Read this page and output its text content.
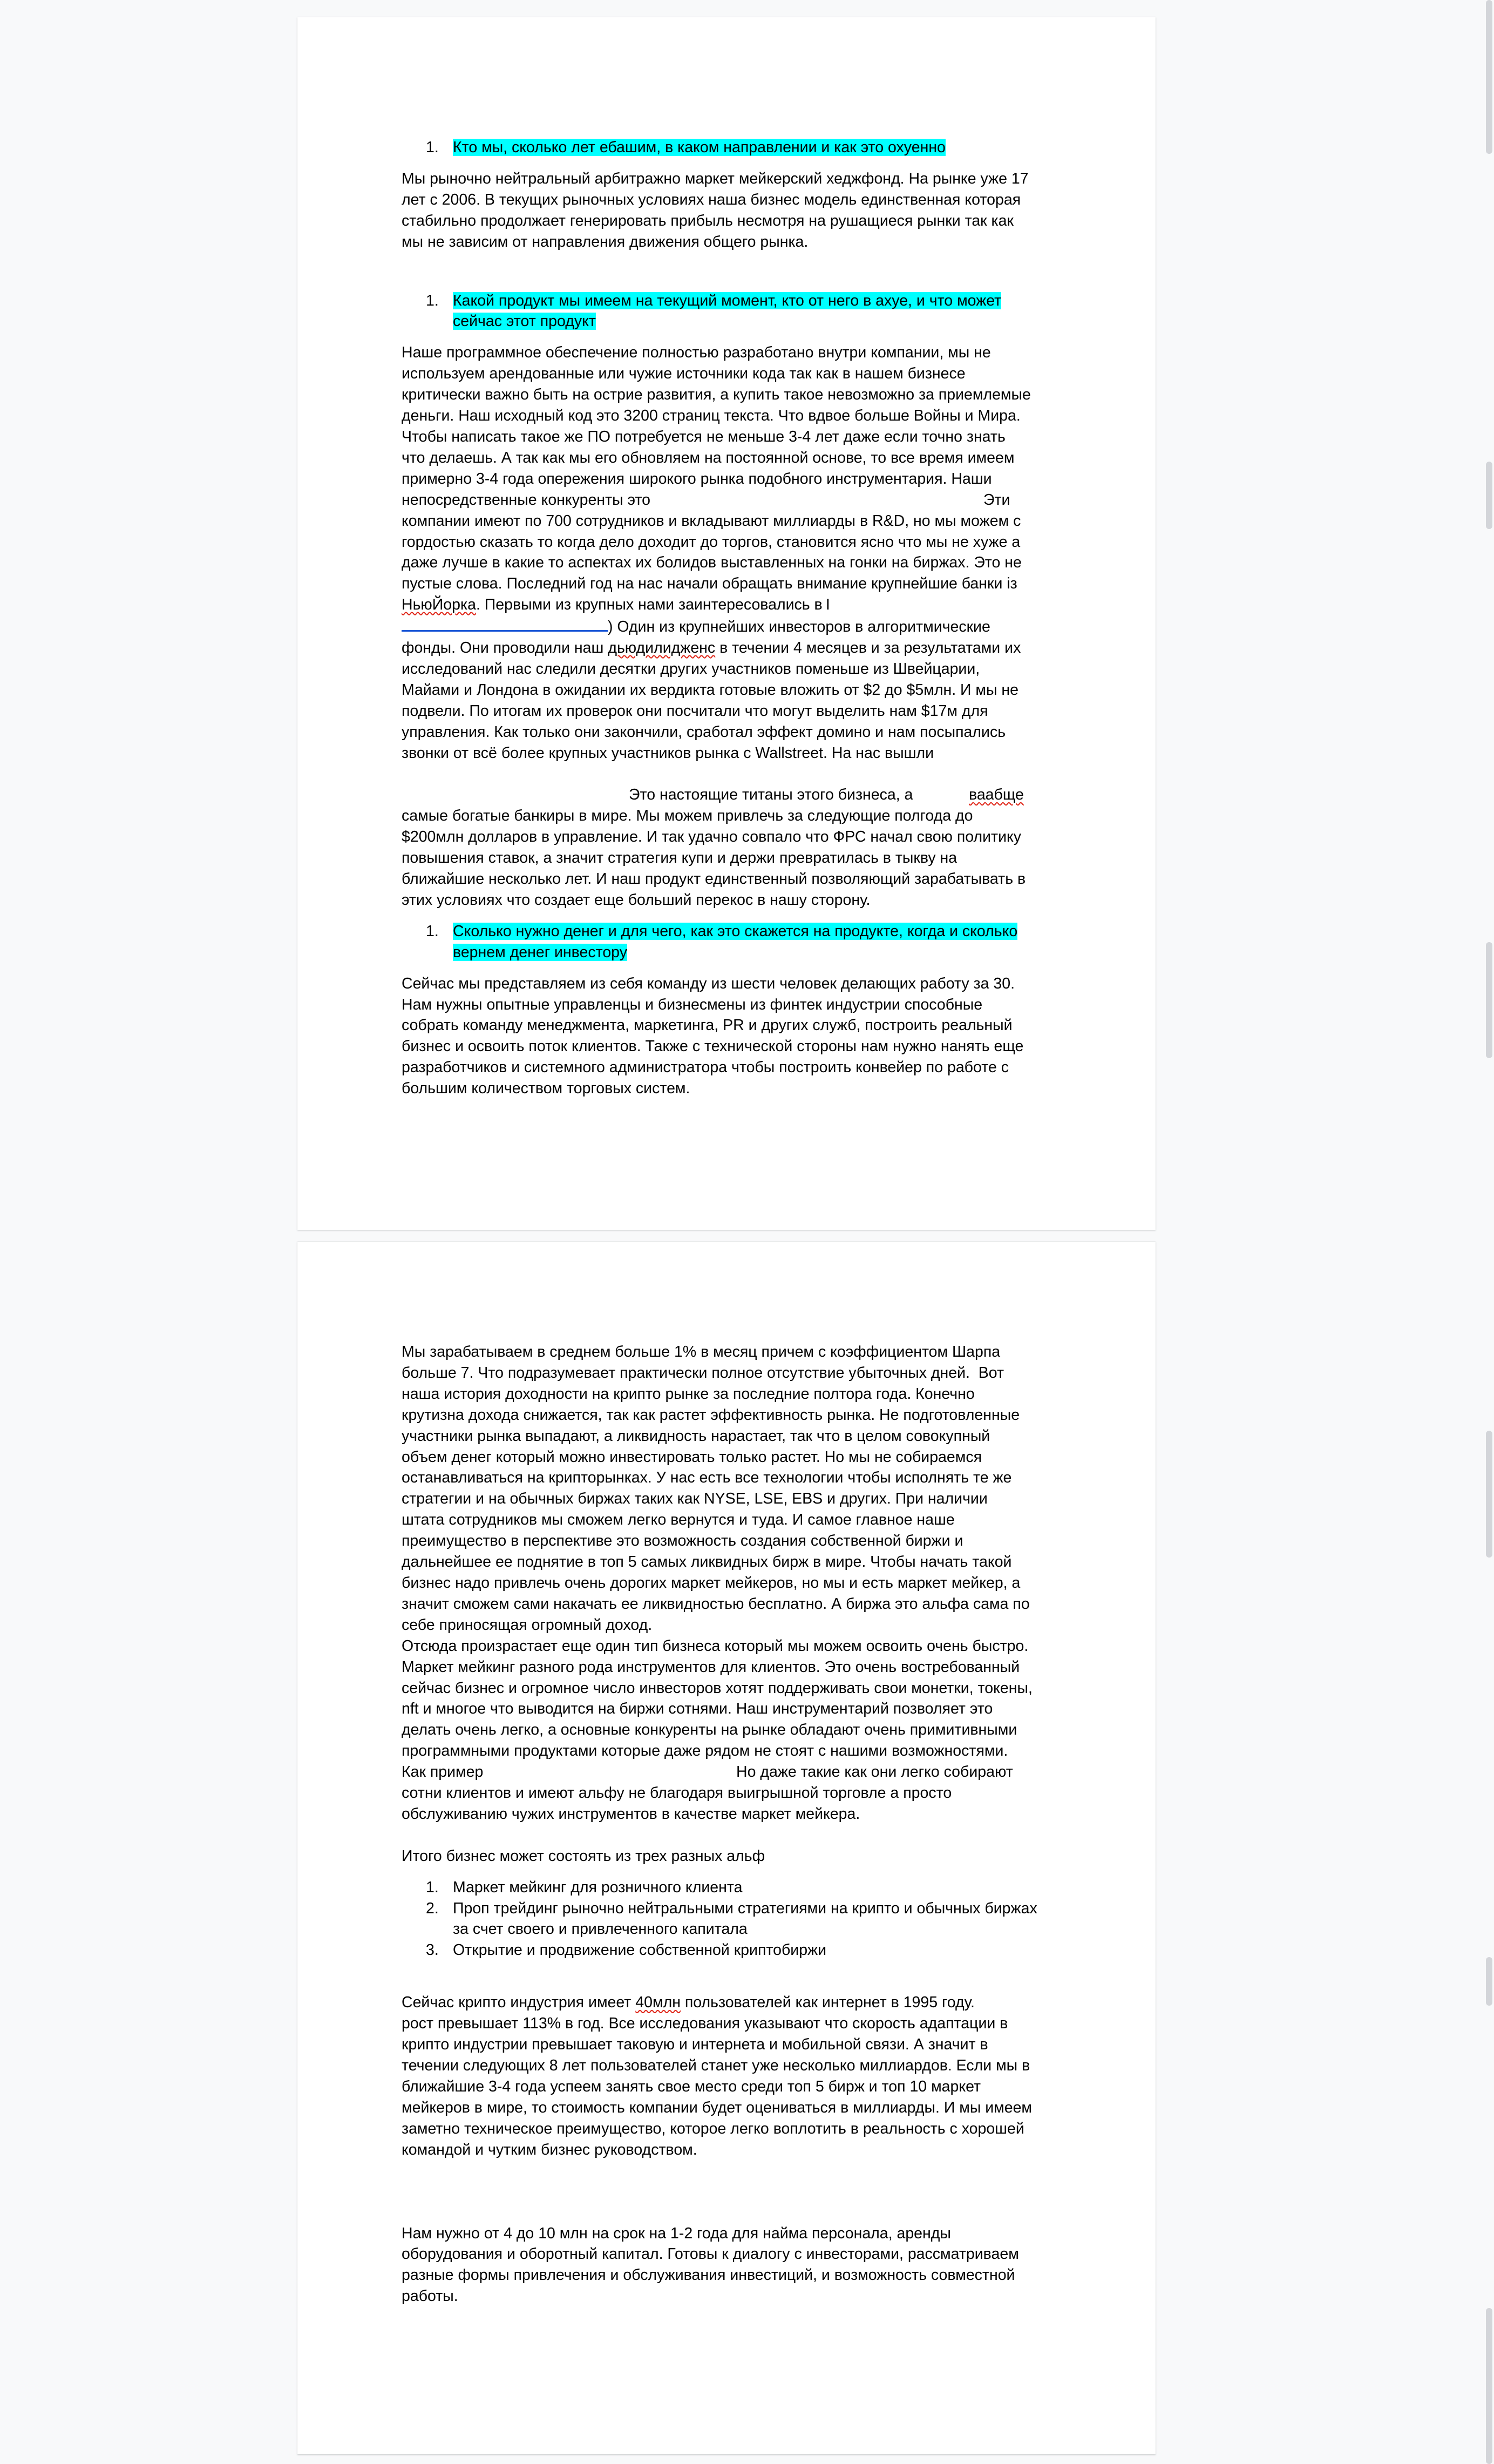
1. Кто мы, сколько лет ебашим, в каком направлении и как это охуенно
Мы рыночно нейтральный арбитражно маркет мейкерский хеджфонд. На рынке уже 17
лет с 2006. В текущих рыночных условиях наша бизнес модель единственная которая
стабильно продолжает генерировать прибыль несмотря на рушащиеся рынки так как
мы не зависим от направления движения общего рынка.
1. Какой продукт мы имеем на текущий момент, кто от него в ахуе, и что может сейчас этот продукт
Наше программное обеспечение полностью разработано внутри компании, мы не
используем арендованные или чужие источники кода так как в нашем бизнесе
критически важно быть на острие развития, а купить такое невозможно за приемлемые
деньги. Наш исходный код это 3200 страниц текста. Что вдвое больше Войны и Мира.
Чтобы написать такое же ПО потребуется не меньше 3-4 лет даже если точно знать
что делаешь. А так как мы его обновляем на постоянной основе, то все время имеем
примерно 3-4 года опережения широкого рынка подобного инструментария. Наши
непосредственные конкуренты это	Эти
компании имеют по 700 сотрудников и вкладывают миллиарды в R&D, но мы можем с
гордостью сказать то когда дело доходит до торгов, становится ясно что мы не хуже а
даже лучше в какие то аспектах их болидов выставленных на гонки на биржах. Это не
пустые слова. Последний год на нас начали обращать внимание крупнейшие банки iз
НьюЙорка. Первыми из крупных нами заинтересовались в I
) Один из крупнейших инвесторов в алгоритмические
фонды. Они проводили наш дьюдилидженс в течении 4 месяцев и за результатами их
исследований нас следили десятки других участников поменьше из Швейцарии,
Майами и Лондона в ожидании их вердикта готовые вложить от $2 до $5млн. И мы не
подвели. По итогам их проверок они посчитали что могут выделить нам $17м для
управления. Как только они закончили, сработал эффект домино и нам посыпались
звонки от всё более крупных участников рынка с Wallstreet. На нас вышли

Это настоящие титаны этого бизнеса, а	ваабще

самые богатые банкиры в мире. Мы можем привлечь за следующие полгода до
$200млн долларов в управление. И так удачно совпало что ФРС начал свою политику
повышения ставок, а значит стратегия купи и держи превратилась в тыкву на
ближайшие несколько лет. И наш продукт единственный позволяющий зарабатывать в
этих условиях что создает еще больший перекос в нашу сторону.
1. Сколько нужно денег и для чего, как это скажется на продукте, когда и сколько вернем денег инвестору
Сейчас мы представляем из себя команду из шести человек делающих работу за 30.
Нам нужны опытные управленцы и бизнесмены из финтек индустрии способные
собрать команду менеджмента, маркетинга, PR и других служб, построить реальный
бизнес и освоить поток клиентов. Также с технической стороны нам нужно нанять еще
разработчиков и системного администратора чтобы построить конвейер по работе с
большим количеством торговых систем.
Мы зарабатываем в среднем больше 1% в месяц причем с коэффициентом Шарпа
больше 7. Что подразумевает практически полное отсутствие убыточных дней.  Вот
наша история доходности на крипто рынке за последние полтора года. Конечно
крутизна дохода снижается, так как растет эффективность рынка. Не подготовленные
участники рынка выпадают, а ликвидность нарастает, так что в целом совокупный
объем денег который можно инвестировать только растет. Но мы не собираемся
останавливаться на крипторынках. У нас есть все технологии чтобы исполнять те же
стратегии и на обычных биржах таких как NYSE, LSE, EBS и других. При наличии
штата сотрудников мы сможем легко вернутся и туда. И самое главное наше
преимущество в перспективе это возможность создания собственной биржи и
дальнейшее ее поднятие в топ 5 самых ликвидных бирж в мире. Чтобы начать такой
бизнес надо привлечь очень дорогих маркет мейкеров, но мы и есть маркет мейкер, а
значит сможем сами накачать ее ликвидностью бесплатно. А биржа это альфа сама по
себе приносящая огромный доход.
Отсюда произрастает еще один тип бизнеса который мы можем освоить очень быстро.
Маркет мейкинг разного рода инструментов для клиентов. Это очень востребованный
сейчас бизнес и огромное число инвесторов хотят поддерживать свои монетки, токены,
nft и многое что выводится на биржи сотнями. Наш инструментарий позволяет это
делать очень легко, а основные конкуренты на рынке обладают очень примитивными
программными продуктами которые даже рядом не стоят с нашими возможностями.
Как пример	Но даже такие как они легко собирают
сотни клиентов и имеют альфу не благодаря выигрышной торговле а просто
обслуживанию чужих инструментов в качестве маркет мейкера.
Итого бизнес может состоять из трех разных альф
1. Маркет мейкинг для розничного клиента
2. Проп трейдинг рыночно нейтральными стратегиями на крипто и обычных биржах за счет своего и привлеченного капитала
3. Открытие и продвижение собственной криптобиржи
Сейчас крипто индустрия имеет 40млн пользователей как интернет в 1995 году.
рост превышает 113% в год. Все исследования указывают что скорость адаптации в
крипто индустрии превышает таковую и интернета и мобильной связи. А значит в
течении следующих 8 лет пользователей станет уже несколько миллиардов. Если мы в
ближайшие 3-4 года успеем занять свое место среди топ 5 бирж и топ 10 маркет
мейкеров в мире, то стоимость компании будет оцениваться в миллиарды. И мы имеем
заметно техническое преимущество, которое легко воплотить в реальность с хорошей
командой и чутким бизнес руководством.
Нам нужно от 4 до 10 млн на срок на 1-2 года для найма персонала, аренды
оборудования и оборотный капитал. Готовы к диалогу с инвесторами, рассматриваем
разные формы привлечения и обслуживания инвестиций, и возможность совместной
работы.
